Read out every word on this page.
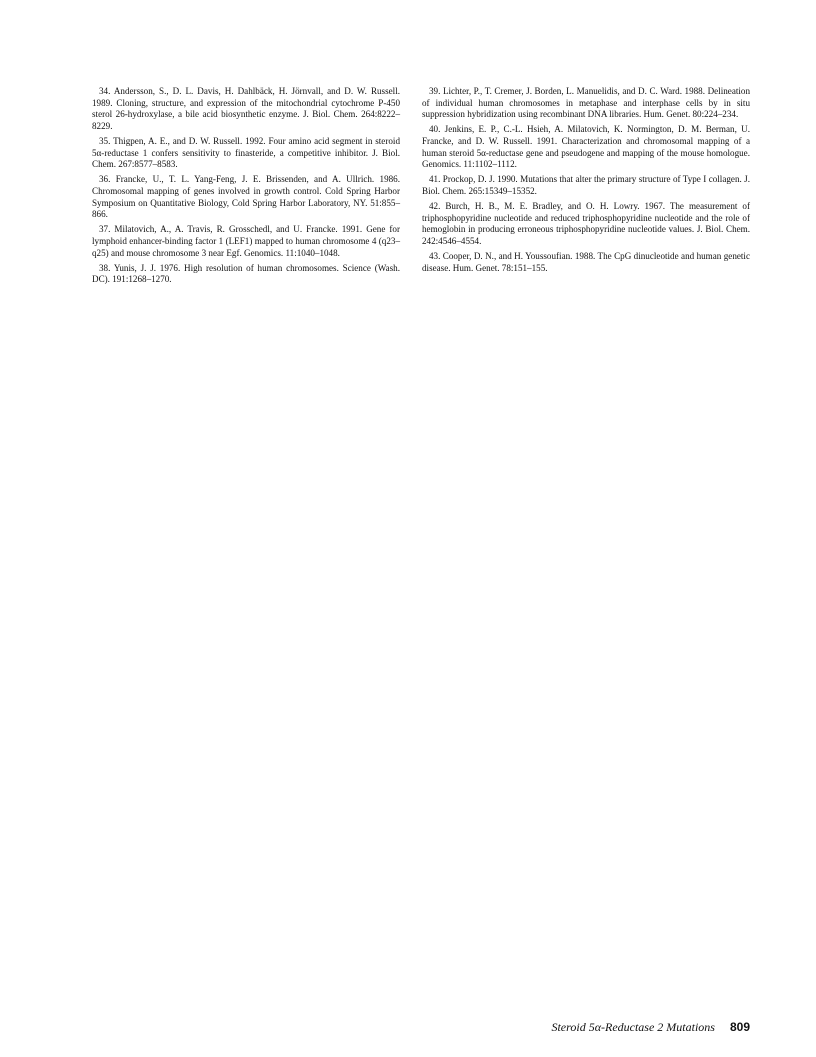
34. Andersson, S., D. L. Davis, H. Dahlbäck, H. Jörnvall, and D. W. Russell. 1989. Cloning, structure, and expression of the mitochondrial cytochrome P-450 sterol 26-hydroxylase, a bile acid biosynthetic enzyme. J. Biol. Chem. 264:8222–8229.

35. Thigpen, A. E., and D. W. Russell. 1992. Four amino acid segment in steroid 5α-reductase 1 confers sensitivity to finasteride, a competitive inhibitor. J. Biol. Chem. 267:8577–8583.

36. Francke, U., T. L. Yang-Feng, J. E. Brissenden, and A. Ullrich. 1986. Chromosomal mapping of genes involved in growth control. Cold Spring Harbor Symposium on Quantitative Biology, Cold Spring Harbor Laboratory, NY. 51:855–866.

37. Milatovich, A., A. Travis, R. Grosschedl, and U. Francke. 1991. Gene for lymphoid enhancer-binding factor 1 (LEF1) mapped to human chromosome 4 (q23–q25) and mouse chromosome 3 near Egf. Genomics. 11:1040–1048.

38. Yunis, J. J. 1976. High resolution of human chromosomes. Science (Wash. DC). 191:1268–1270.

39. Lichter, P., T. Cremer, J. Borden, L. Manuelidis, and D. C. Ward. 1988. Delineation of individual human chromosomes in metaphase and interphase cells by in situ suppression hybridization using recombinant DNA libraries. Hum. Genet. 80:224–234.

40. Jenkins, E. P., C.-L. Hsieh, A. Milatovich, K. Normington, D. M. Berman, U. Francke, and D. W. Russell. 1991. Characterization and chromosomal mapping of a human steroid 5α-reductase gene and pseudogene and mapping of the mouse homologue. Genomics. 11:1102–1112.

41. Prockop, D. J. 1990. Mutations that alter the primary structure of Type I collagen. J. Biol. Chem. 265:15349–15352.

42. Burch, H. B., M. E. Bradley, and O. H. Lowry. 1967. The measurement of triphosphopyridine nucleotide and reduced triphosphopyridine nucleotide and the role of hemoglobin in producing erroneous triphosphopyridine nucleotide values. J. Biol. Chem. 242:4546–4554.

43. Cooper, D. N., and H. Youssoufian. 1988. The CpG dinucleotide and human genetic disease. Hum. Genet. 78:151–155.

Steroid 5α-Reductase 2 Mutations 809
